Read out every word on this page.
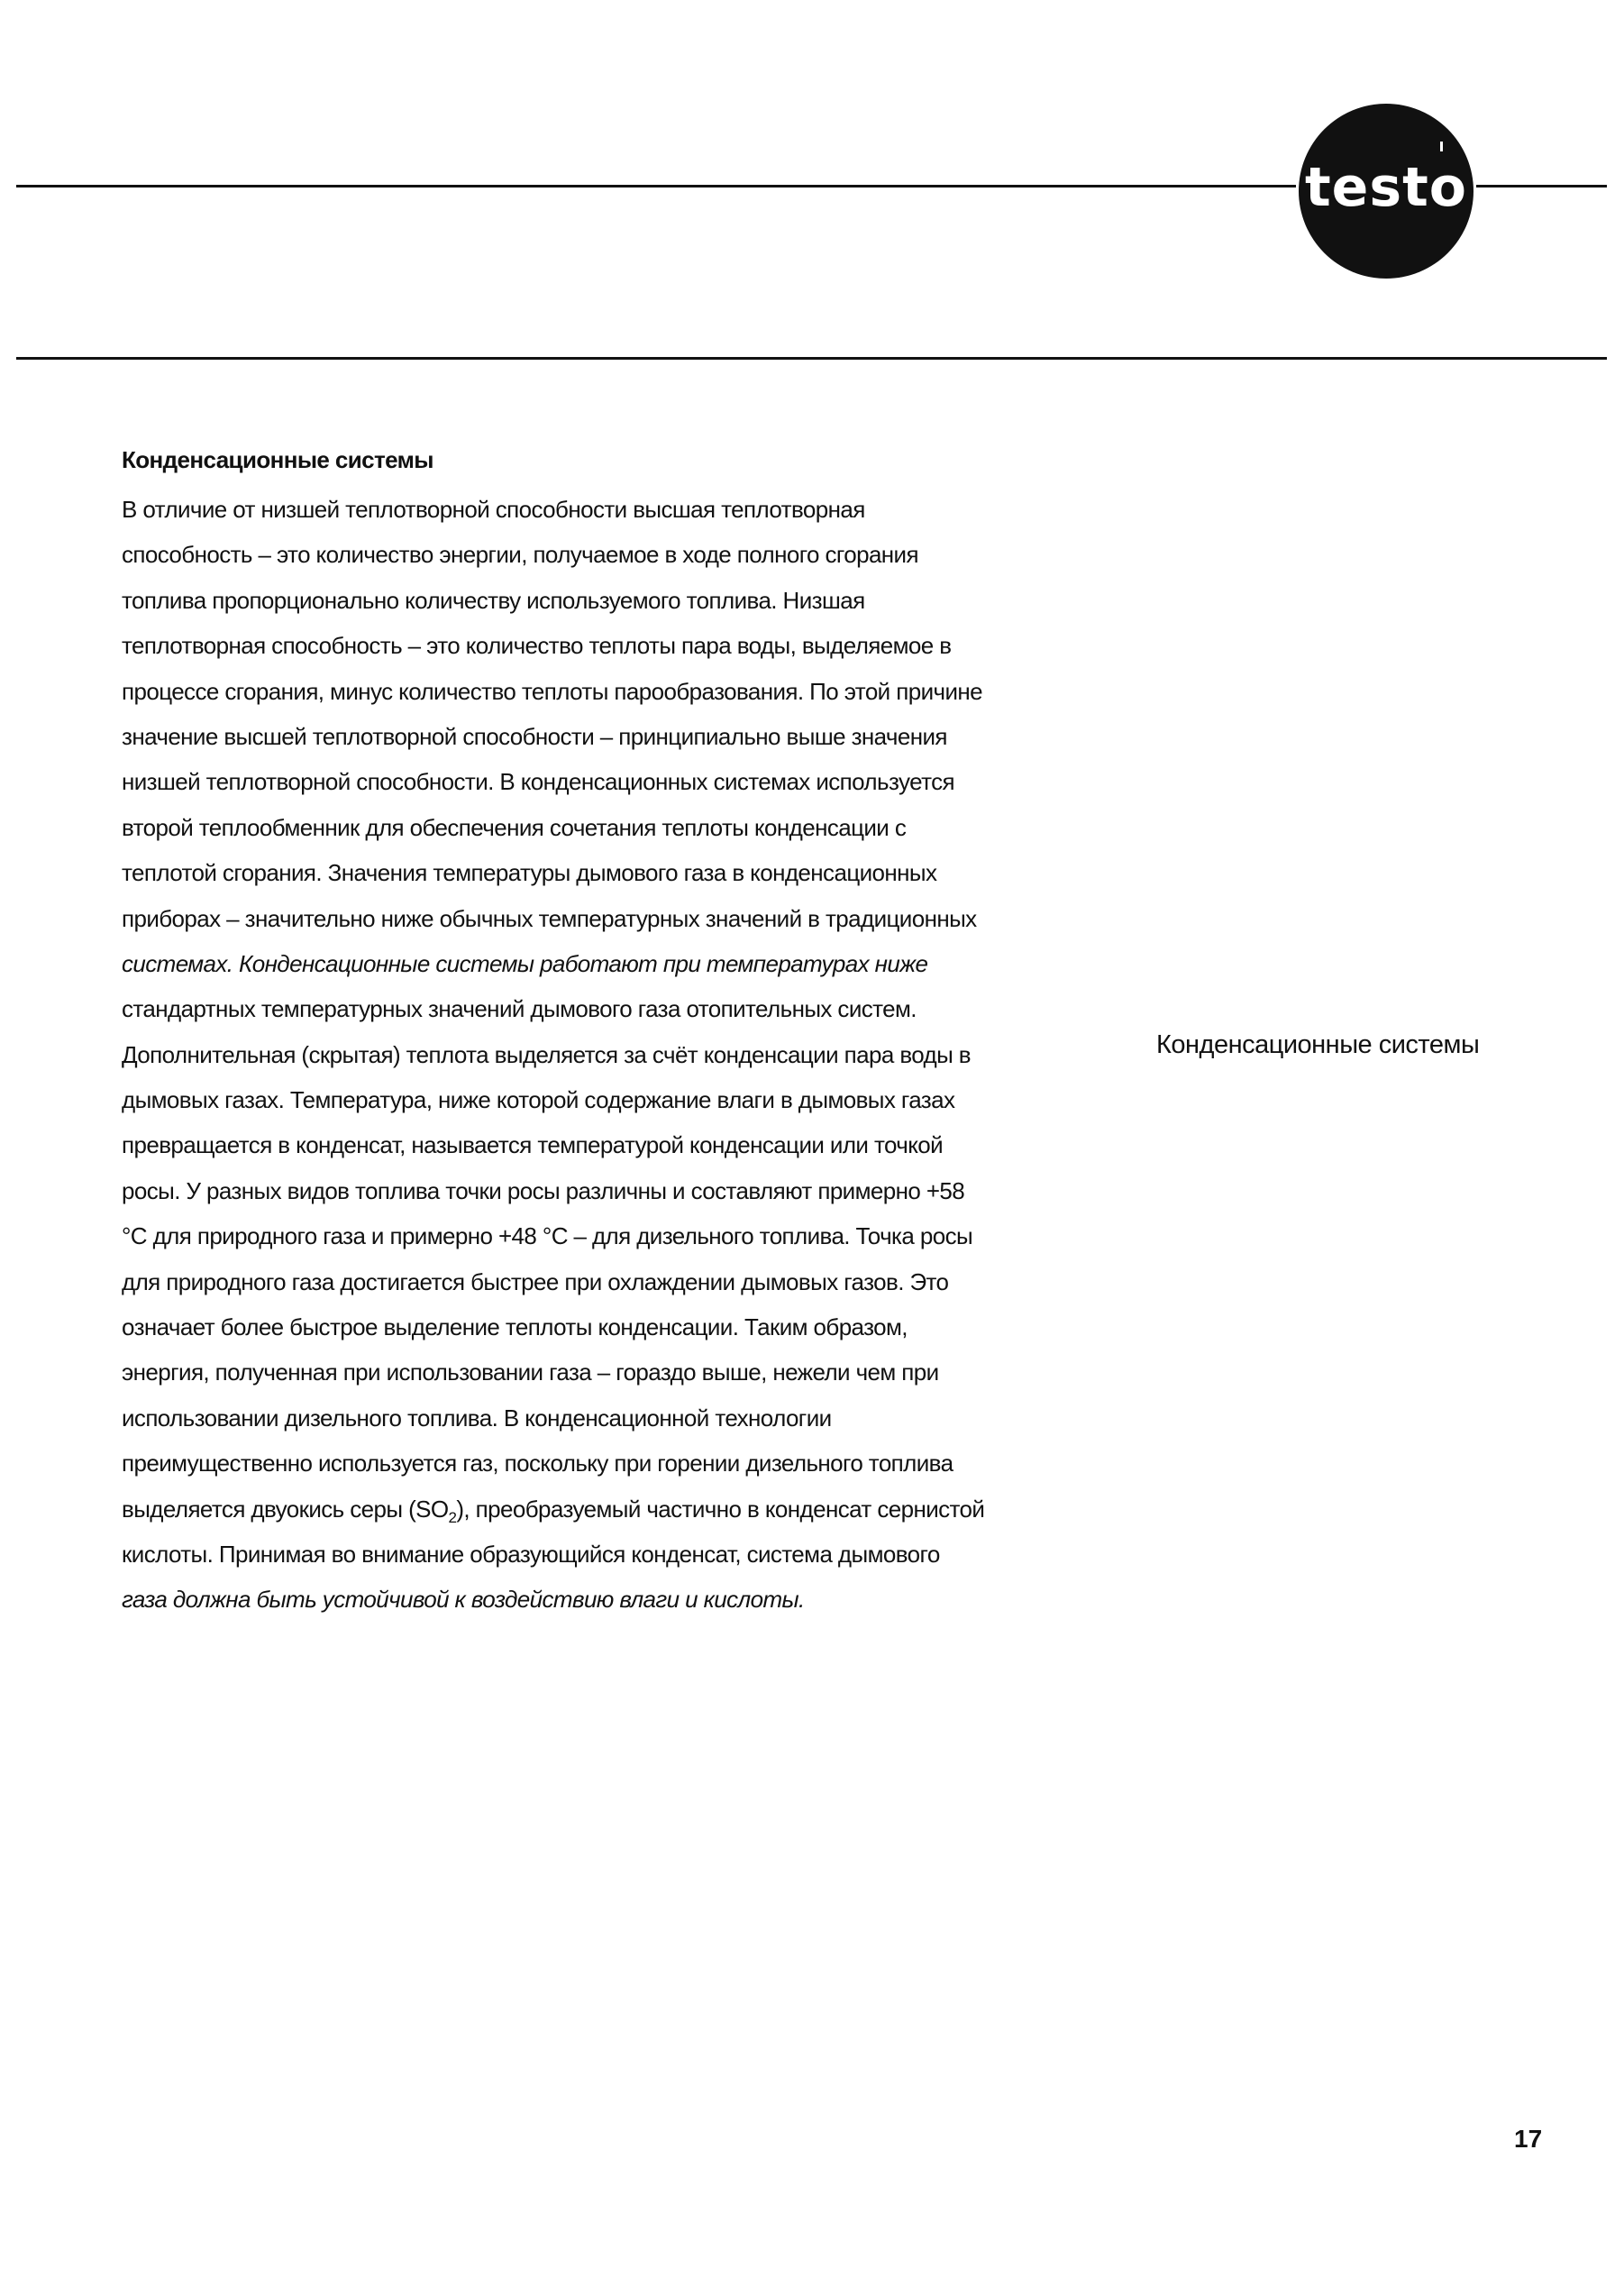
testo
Конденсационные системы
В отличие от низшей теплотворной способности высшая теплотворная
способность – это количество энергии, получаемое в ходе полного сгорания
топлива пропорционально количеству используемого топлива. Низшая
теплотворная способность – это количество теплоты пара воды, выделяемое в
процессе сгорания, минус количество теплоты парообразования. По этой причине
значение высшей теплотворной способности – принципиально выше значения
низшей теплотворной способности. В конденсационных системах используется
второй теплообменник для обеспечения сочетания теплоты конденсации с
теплотой сгорания. Значения температуры дымового газа в конденсационных
приборах – значительно ниже обычных температурных значений в традиционных
системах. Конденсационные системы работают при температурах ниже
стандартных температурных значений дымового газа отопительных систем.
Дополнительная (скрытая) теплота выделяется за счёт конденсации пара воды в
дымовых газах. Температура, ниже которой содержание влаги в дымовых газах
превращается в конденсат, называется температурой конденсации или точкой
росы. У разных видов топлива точки росы различны и составляют примерно +58
°С для природного газа и примерно +48 °С – для дизельного топлива. Точка росы
для природного газа достигается быстрее при охлаждении дымовых газов. Это
означает более быстрое выделение теплоты конденсации. Таким образом,
энергия, полученная при использовании газа – гораздо выше, нежели чем при
использовании дизельного топлива. В конденсационной технологии
преимущественно используется газ, поскольку при горении дизельного топлива
выделяется двуокись серы $(SO_2)$, преобразуемый частично в конденсат сернистой
кислоты. Принимая во внимание образующийся конденсат, система дымового
газа должна быть устойчивой к воздействию влаги и кислоты.
Конденсационные системы
17
